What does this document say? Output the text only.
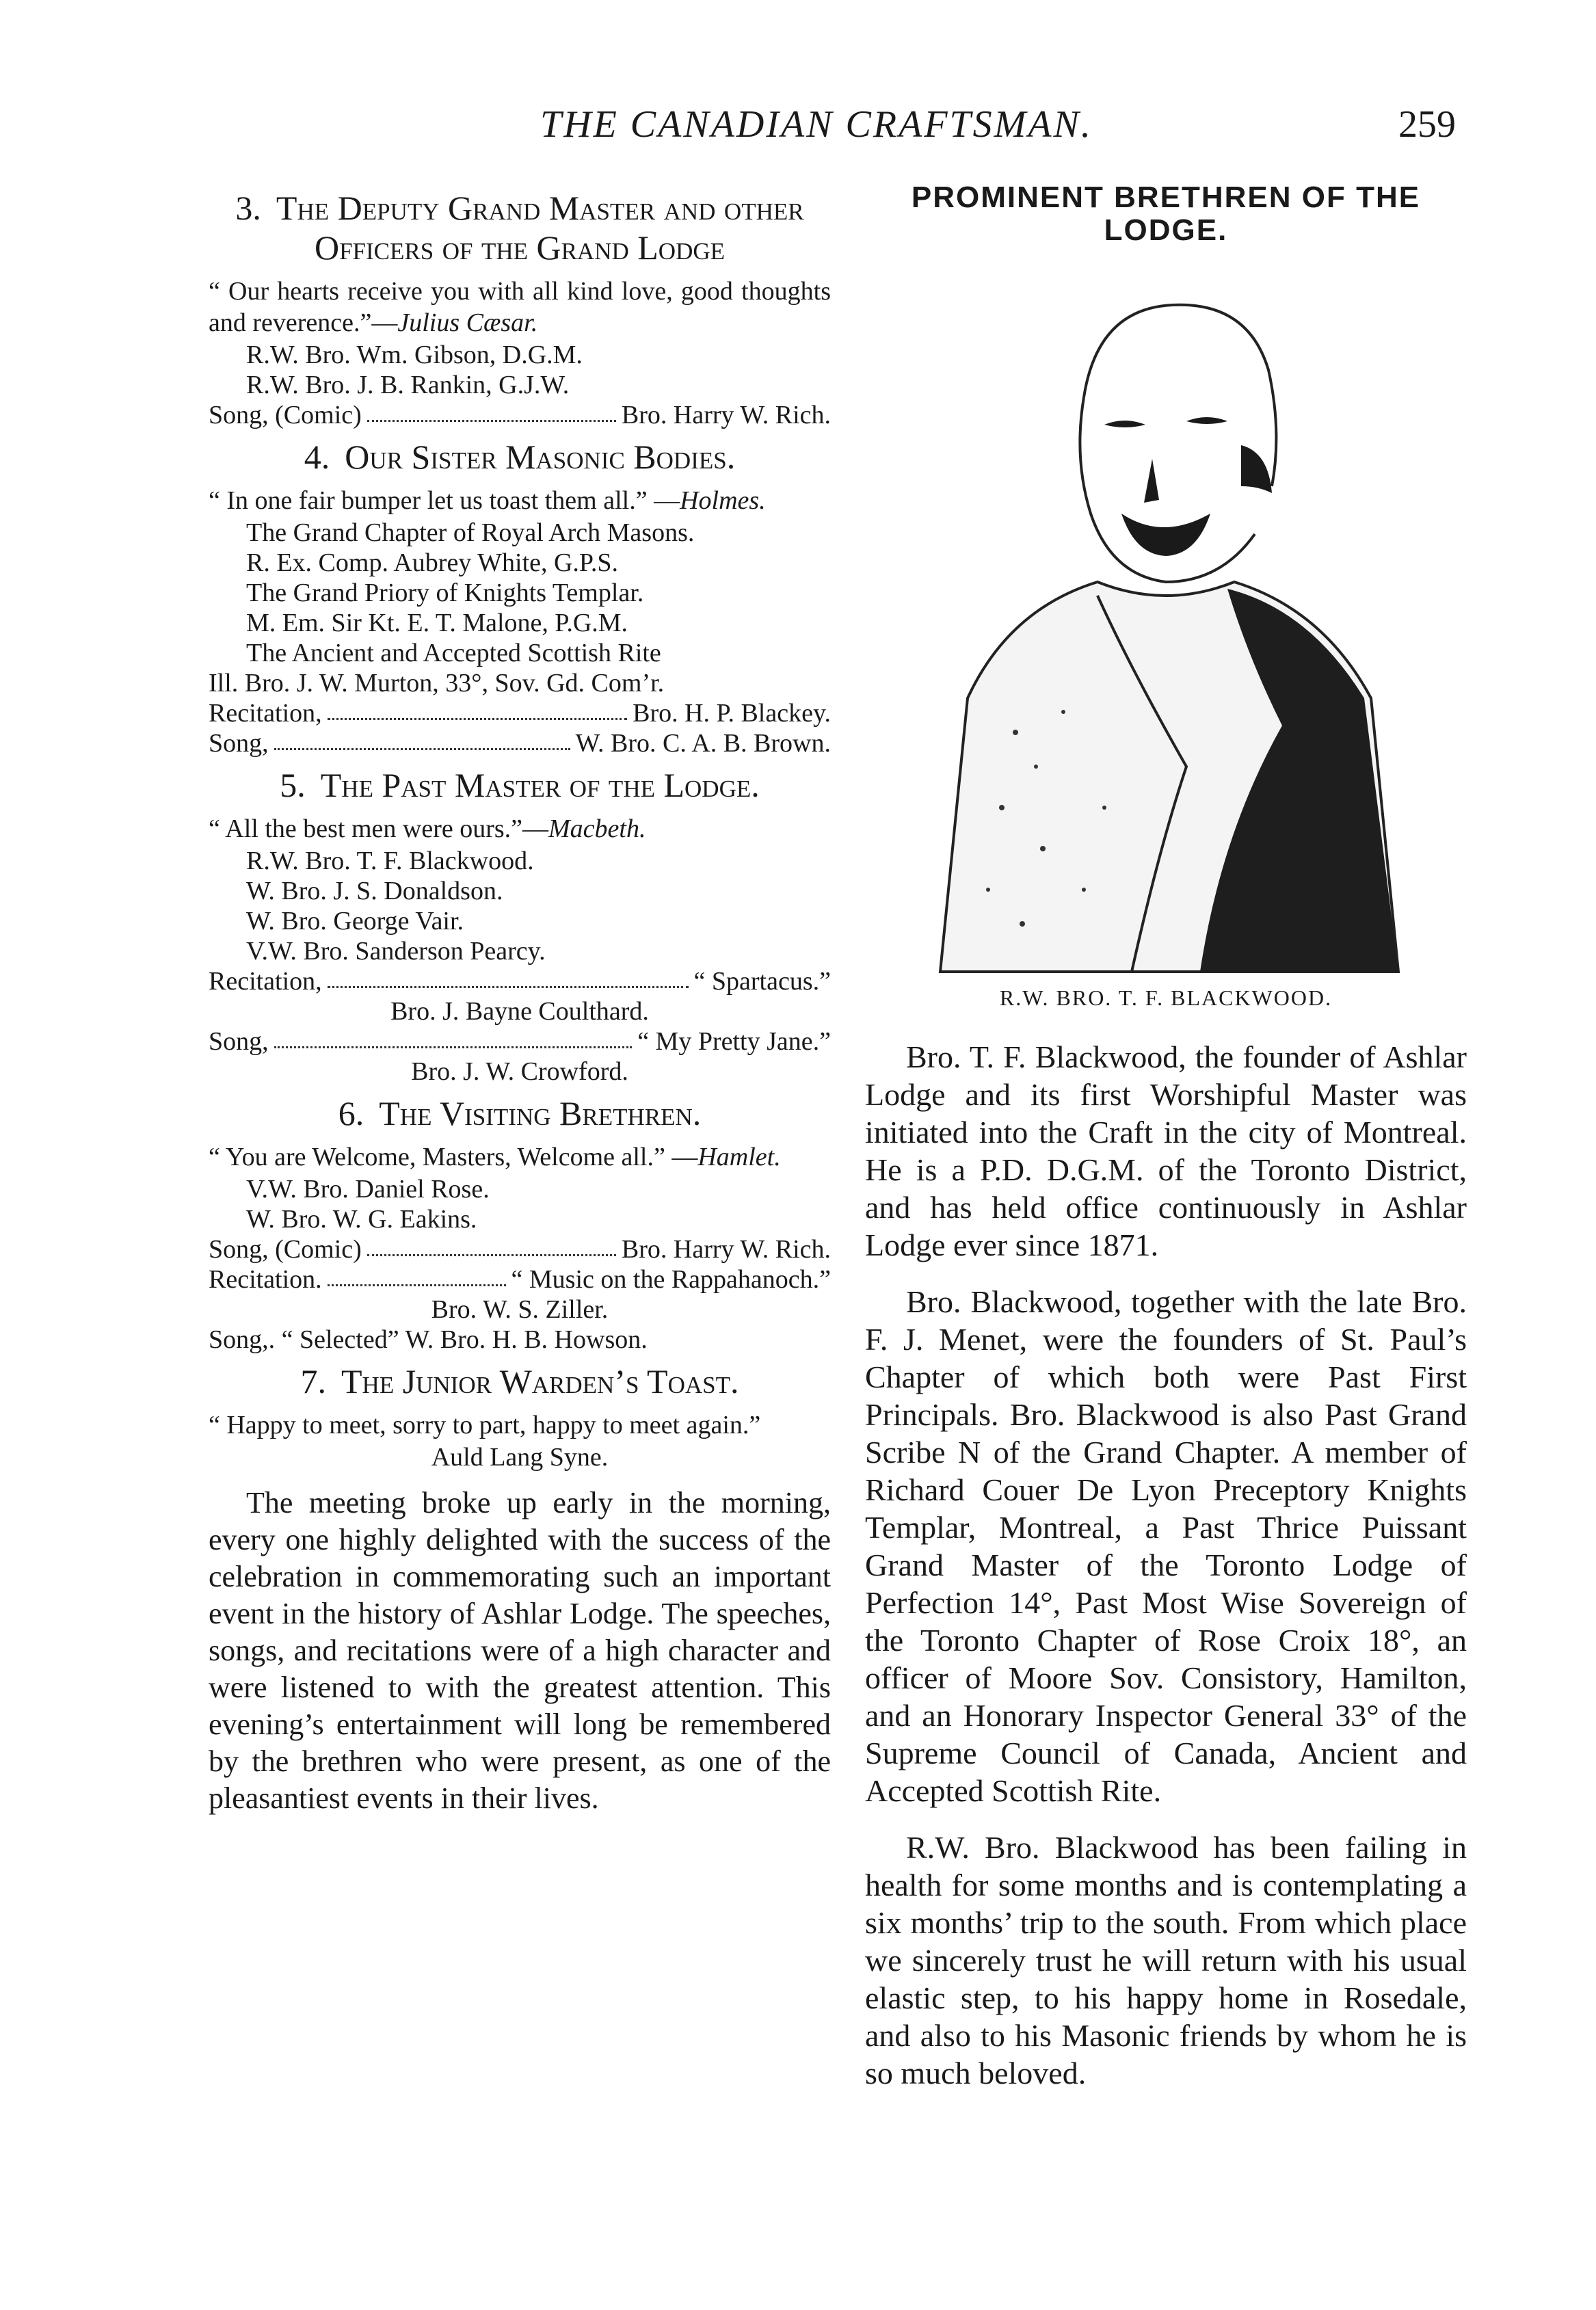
THE CANADIAN CRAFTSMAN.	259
3. The Deputy Grand Master and other Officers of the Grand Lodge
“ Our hearts receive you with all kind love, good thoughts and reverence.”—Julius Cæsar.
R.W. Bro. Wm. Gibson, D.G.M.
R.W. Bro. J. B. Rankin, G.J.W.
Song, (Comic)	Bro. Harry W. Rich.
4. Our Sister Masonic Bodies.
“ In one fair bumper let us toast them all.” —Holmes.
The Grand Chapter of Royal Arch Masons.
R. Ex. Comp. Aubrey White, G.P.S.
The Grand Priory of Knights Templar.
M. Em. Sir Kt. E. T. Malone, P.G.M.
The Ancient and Accepted Scottish Rite
Ill. Bro. J. W. Murton, 33°, Sov. Gd. Com’r.
Recitation,	Bro. H. P. Blackey.
Song,	W. Bro. C. A. B. Brown.
5. The Past Master of the Lodge.
“ All the best men were ours.”—Macbeth.
R.W. Bro. T. F. Blackwood.
W. Bro. J. S. Donaldson.
W. Bro. George Vair.
V.W. Bro. Sanderson Pearcy.
Recitation,	“ Spartacus.”
Bro. J. Bayne Coulthard.
Song,	“ My Pretty Jane.”
Bro. J. W. Crowford.
6. The Visiting Brethren.
“ You are Welcome, Masters, Welcome all.” —Hamlet.
V.W. Bro. Daniel Rose.
W. Bro. W. G. Eakins.
Song, (Comic)	Bro. Harry W. Rich.
Recitation.	“ Music on the Rappahanoch.”
Bro. W. S. Ziller.
Song,. “ Selected” W. Bro. H. B. Howson.
7. The Junior Warden’s Toast.
“ Happy to meet, sorry to part, happy to meet again.”
Auld Lang Syne.
The meeting broke up early in the morning, every one highly delighted with the success of the celebration in commemorating such an important event in the history of Ashlar Lodge. The speeches, songs, and recitations were of a high character and were listened to with the greatest attention. This evening’s entertainment will long be remembered by the brethren who were present, as one of the pleasantiest events in their lives.
PROMINENT BRETHREN OF THE LODGE.
R.W. BRO. T. F. BLACKWOOD.

Bro. T. F. Blackwood, the founder of Ashlar Lodge and its first Worshipful Master was initiated into the Craft in the city of Montreal. He is a P.D. D.G.M. of the Toronto District, and has held office continuously in Ashlar Lodge ever since 1871.

Bro. Blackwood, together with the late Bro. F. J. Menet, were the founders of St. Paul’s Chapter of which both were Past First Principals. Bro. Blackwood is also Past Grand Scribe N of the Grand Chapter. A member of Richard Couer De Lyon Preceptory Knights Templar, Montreal, a Past Thrice Puissant Grand Master of the Toronto Lodge of Perfection 14°, Past Most Wise Sovereign of the Toronto Chapter of Rose Croix 18°, an officer of Moore Sov. Consistory, Hamilton, and an Honorary Inspector General 33° of the Supreme Council of Canada, Ancient and Accepted Scottish Rite.

R.W. Bro. Blackwood has been failing in health for some months and is contemplating a six months’ trip to the south. From which place we sincerely trust he will return with his usual elastic step, to his happy home in Rosedale, and also to his Masonic friends by whom he is so much beloved.
